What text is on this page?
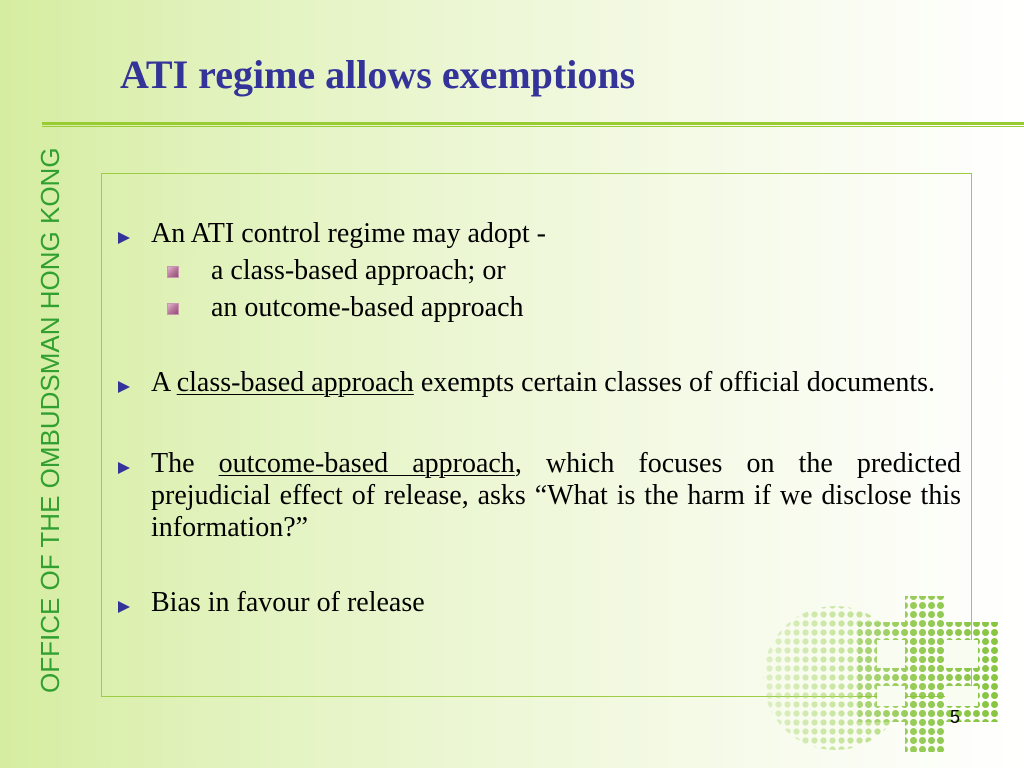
ATI regime allows exemptions
OFFICE OF THE OMBUDSMAN HONG KONG	An ATI control regime may adopt -
a class-based approach; or
an outcome-based approach
A class-based approach exempts certain classes of official documents.
The outcome-based approach, which focuses on the predicted prejudicial effect of release, asks “What is the harm if we disclose this information?”
Bias in favour of release
5
